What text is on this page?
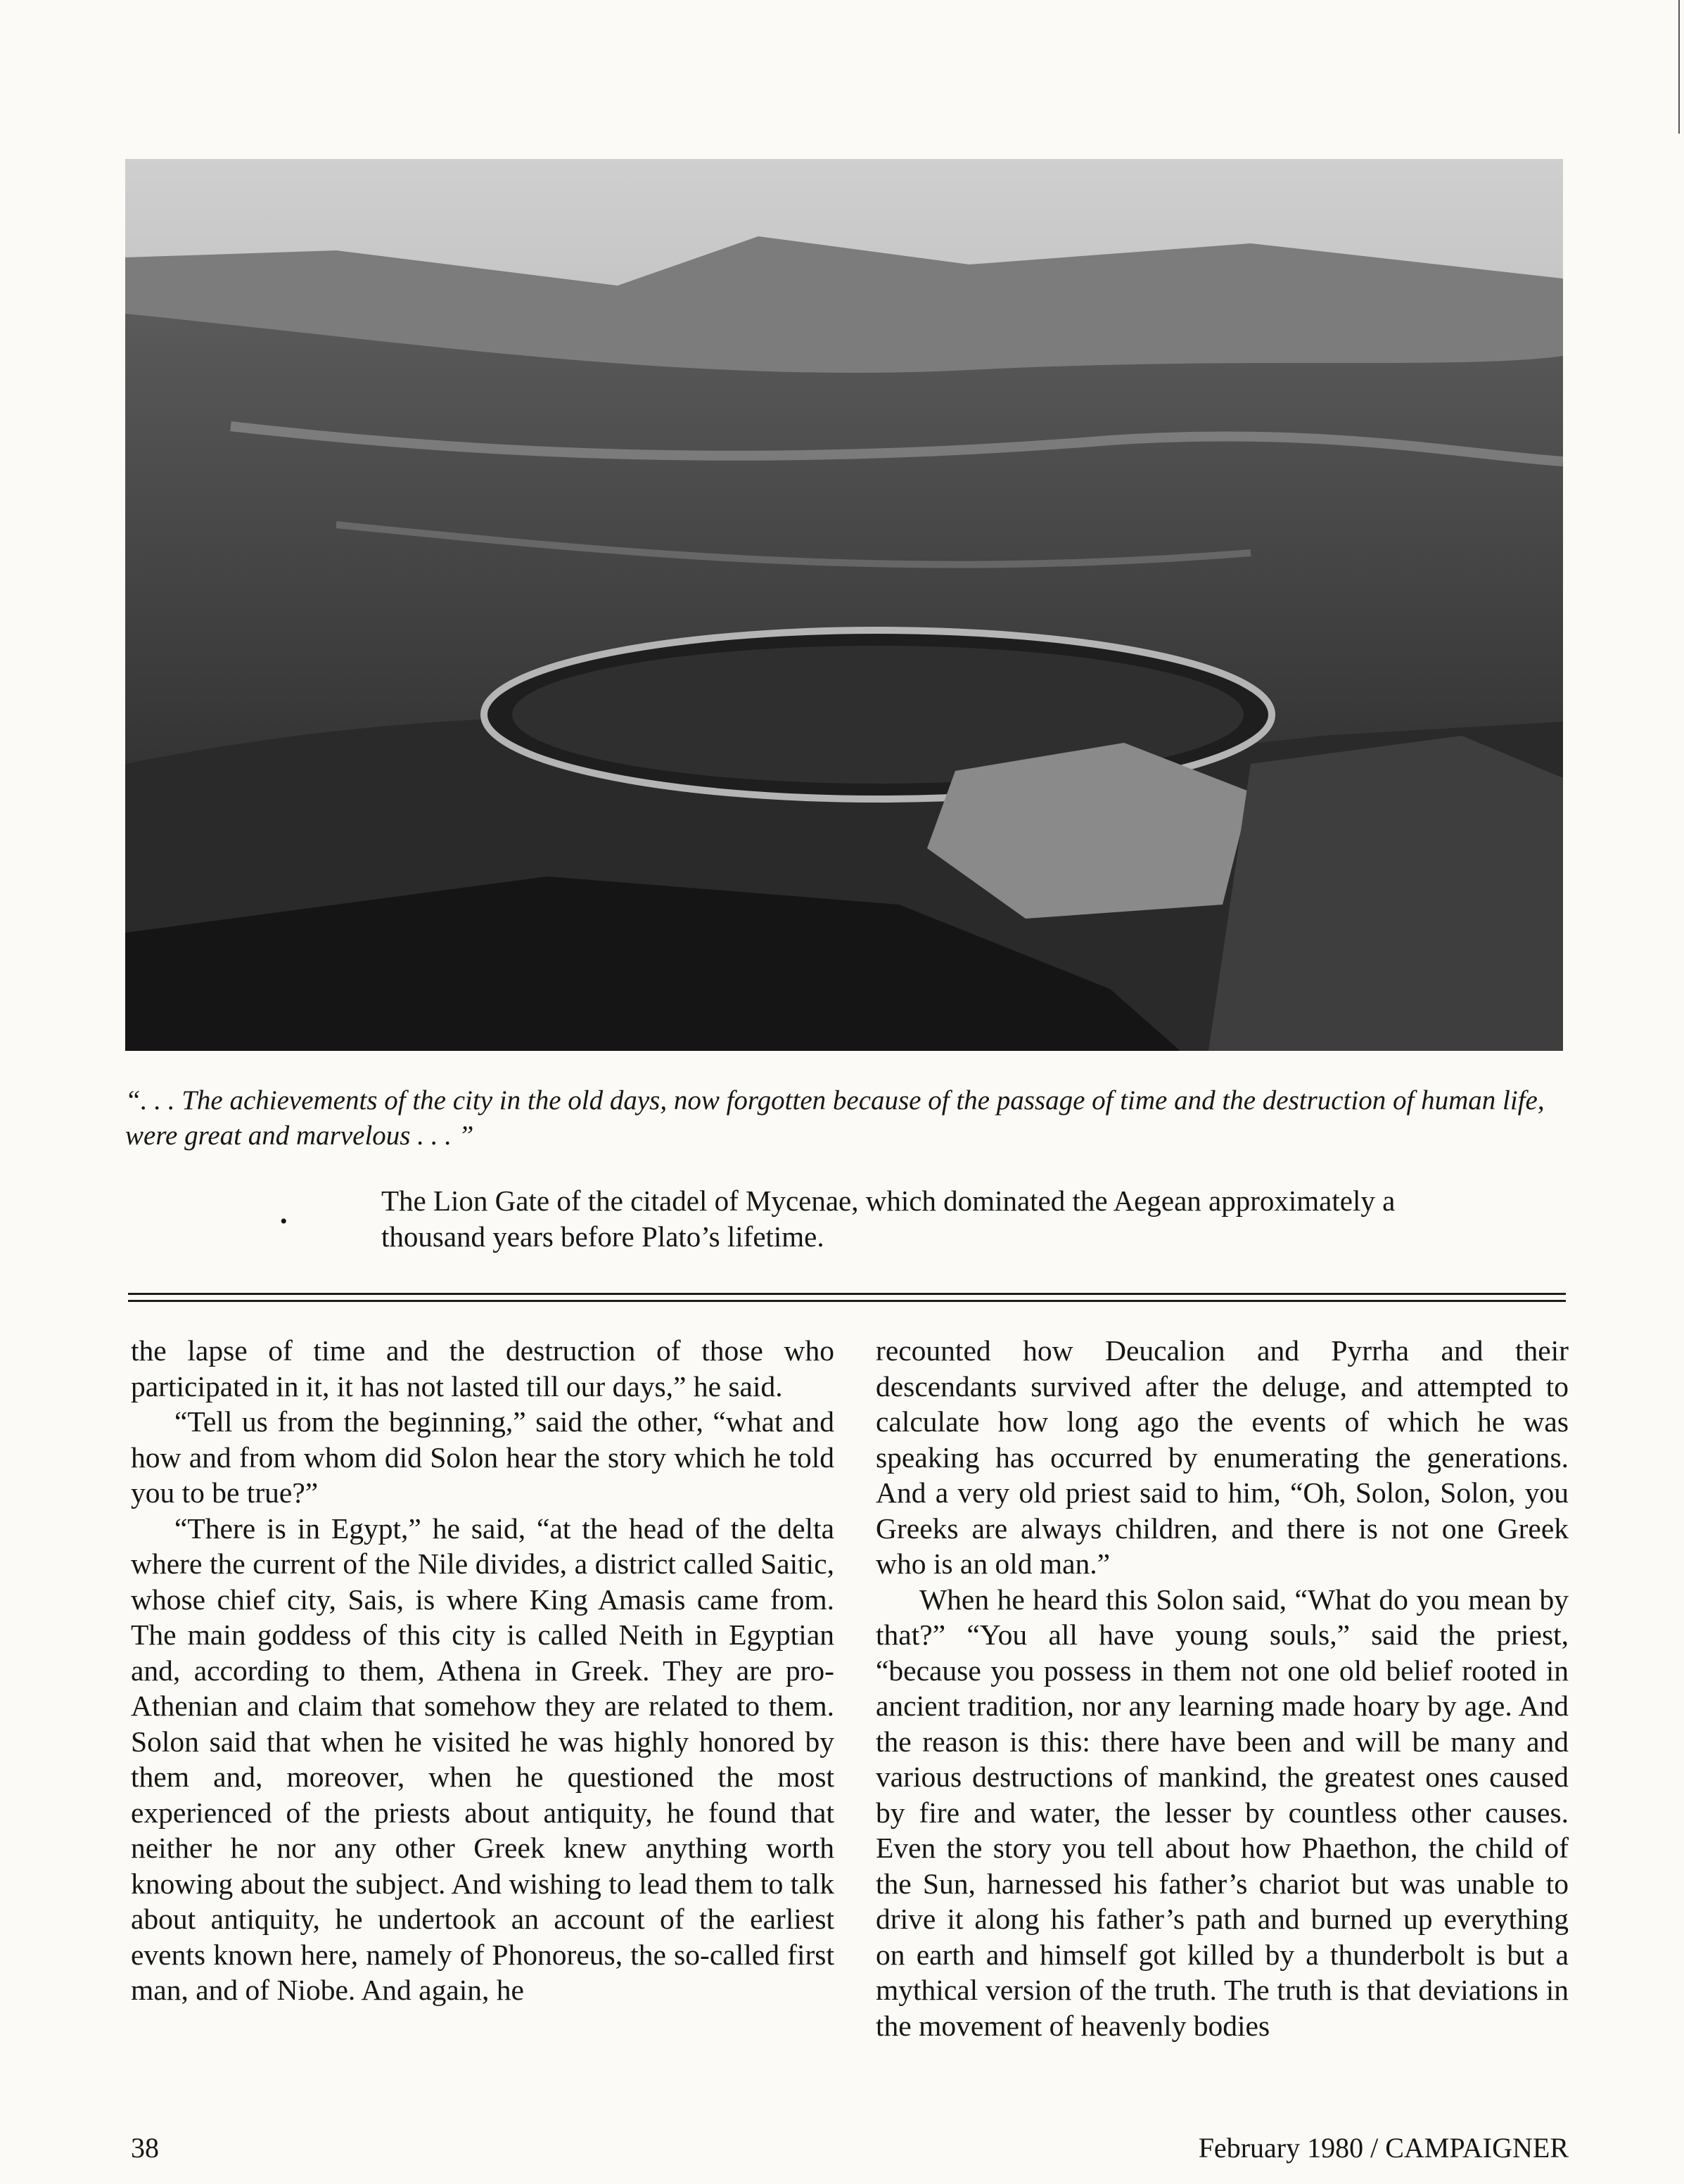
“. . . The achievements of the city in the old days, now forgotten because of the passage of time and the destruction of human life, were great and marvelous . . . ”
•
The Lion Gate of the citadel of Mycenae, which dominated the Aegean approximately a thousand years before Plato’s lifetime.

the lapse of time and the destruction of those who participated in it, it has not lasted till our days,” he said.

“Tell us from the beginning,” said the other, “what and how and from whom did Solon hear the story which he told you to be true?”

“There is in Egypt,” he said, “at the head of the delta where the current of the Nile divides, a district called Saitic, whose chief city, Sais, is where King Amasis came from. The main goddess of this city is called Neith in Egyptian and, according to them, Athena in Greek. They are pro-Athenian and claim that somehow they are related to them. Solon said that when he visited he was highly honored by them and, moreover, when he questioned the most experienced of the priests about antiquity, he found that neither he nor any other Greek knew anything worth knowing about the subject. And wishing to lead them to talk about antiquity, he undertook an account of the earliest events known here, namely of Phonoreus, the so-called first man, and of Niobe. And again, he

recounted how Deucalion and Pyrrha and their descendants survived after the deluge, and attempted to calculate how long ago the events of which he was speaking has occurred by enumerating the generations. And a very old priest said to him, “Oh, Solon, Solon, you Greeks are always children, and there is not one Greek who is an old man.”

When he heard this Solon said, “What do you mean by that?” “You all have young souls,” said the priest, “because you possess in them not one old belief rooted in ancient tradition, nor any learning made hoary by age. And the reason is this: there have been and will be many and various destructions of mankind, the greatest ones caused by fire and water, the lesser by countless other causes. Even the story you tell about how Phaethon, the child of the Sun, harnessed his father’s chariot but was unable to drive it along his father’s path and burned up everything on earth and himself got killed by a thunderbolt is but a mythical version of the truth. The truth is that deviations in the movement of heavenly bodies

38	February 1980 / CAMPAIGNER
